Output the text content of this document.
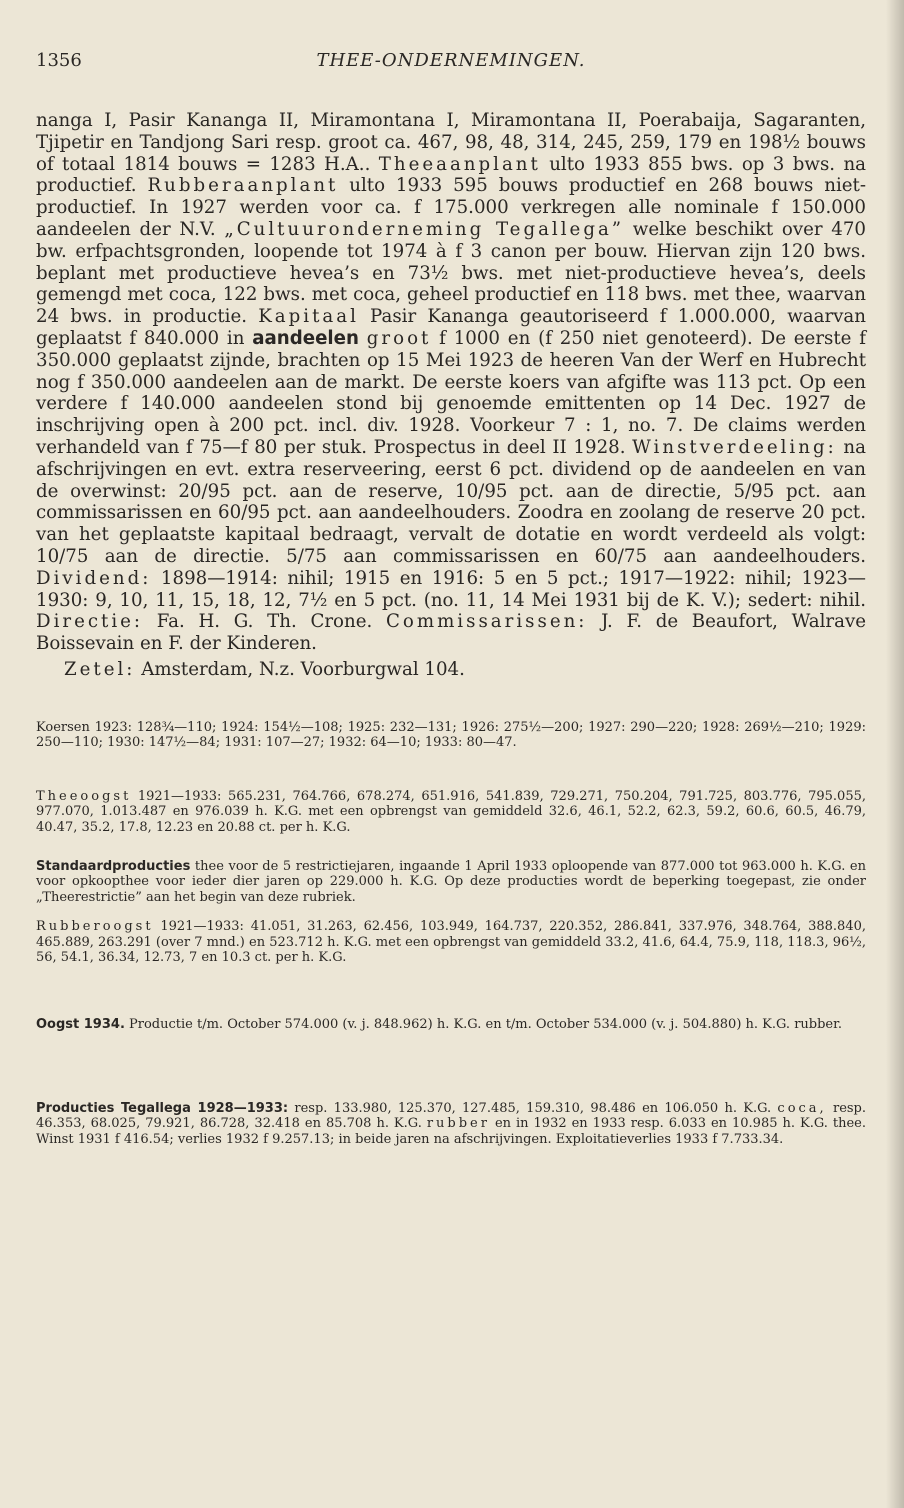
1356	THEE-ONDERNEMINGEN.

nanga I, Pasir Kananga II, Miramontana I, Miramontana II, Poerabaija, Sagaranten, Tjipetir en Tandjong Sari resp. groot ca. 467, 98, 48, 314, 245, 259, 179 en 198½ bouws of totaal 1814 bouws = 1283 H.A.. Theeaanplant ulto 1933 855 bws. op 3 bws. na productief. Rubberaanplant ulto 1933 595 bouws productief en 268 bouws niet-productief. In 1927 werden voor ca. f 175.000 verkregen alle nominale f 150.000 aandeelen der N.V. „Cultuuronderneming Tegallega” welke beschikt over 470 bw. erfpachtsgronden, loopende tot 1974 à f 3 canon per bouw. Hiervan zijn 120 bws. beplant met productieve hevea’s en 73½ bws. met niet-productieve hevea’s, deels gemengd met coca, 122 bws. met coca, geheel productief en 118 bws. met thee, waarvan 24 bws. in productie. Kapitaal Pasir Kananga geautoriseerd f 1.000.000, waarvan geplaatst f 840.000 in aandeelen groot f 1000 en (f 250 niet genoteerd). De eerste f 350.000 geplaatst zijnde, brachten op 15 Mei 1923 de heeren Van der Werf en Hubrecht nog f 350.000 aandeelen aan de markt. De eerste koers van afgifte was 113 pct. Op een verdere f 140.000 aandeelen stond bij genoemde emittenten op 14 Dec. 1927 de inschrijving open à 200 pct. incl. div. 1928. Voorkeur 7 : 1, no. 7. De claims werden verhandeld van f 75—f 80 per stuk. Prospectus in deel II 1928. Winstverdeeling: na afschrijvingen en evt. extra reserveering, eerst 6 pct. dividend op de aandeelen en van de overwinst: 20/95 pct. aan de reserve, 10/95 pct. aan de directie, 5/95 pct. aan commissarissen en 60/95 pct. aan aandeelhouders. Zoodra en zoolang de reserve 20 pct. van het geplaatste kapitaal bedraagt, vervalt de dotatie en wordt verdeeld als volgt: 10/75 aan de directie. 5/75 aan commissarissen en 60/75 aan aandeelhouders. Dividend: 1898—1914: nihil; 1915 en 1916: 5 en 5 pct.; 1917—1922: nihil; 1923—1930: 9, 10, 11, 15, 18, 12, 7½ en 5 pct. (no. 11, 14 Mei 1931 bij de K. V.); sedert: nihil. Directie: Fa. H. G. Th. Crone. Commissarissen: J. F. de Beaufort, Walrave Boissevain en F. der Kinderen.

Zetel: Amsterdam, N.z. Voorburgwal 104.

Koersen 1923: 128¾—110; 1924: 154½—108; 1925: 232—131; 1926: 275½—200; 1927: 290—220; 1928: 269½—210; 1929: 250—110; 1930: 147½—84; 1931: 107—27; 1932: 64—10; 1933: 80—47.

Theeoogst 1921—1933: 565.231, 764.766, 678.274, 651.916, 541.839, 729.271, 750.204, 791.725, 803.776, 795.055, 977.070, 1.013.487 en 976.039 h. K.G. met een opbrengst van gemiddeld 32.6, 46.1, 52.2, 62.3, 59.2, 60.6, 60.5, 46.79, 40.47, 35.2, 17.8, 12.23 en 20.88 ct. per h. K.G.

Standaardproducties thee voor de 5 restrictiejaren, ingaande 1 April 1933 oploopende van 877.000 tot 963.000 h. K.G. en voor opkoopthee voor ieder dier jaren op 229.000 h. K.G. Op deze producties wordt de beperking toegepast, zie onder „Theerestrictie” aan het begin van deze rubriek.

Rubberoogst 1921—1933: 41.051, 31.263, 62.456, 103.949, 164.737, 220.352, 286.841, 337.976, 348.764, 388.840, 465.889, 263.291 (over 7 mnd.) en 523.712 h. K.G. met een opbrengst van gemiddeld 33.2, 41.6, 64.4, 75.9, 118, 118.3, 96½, 56, 54.1, 36.34, 12.73, 7 en 10.3 ct. per h. K.G.

Oogst 1934. Productie t/m. October 574.000 (v. j. 848.962) h. K.G. en t/m. October 534.000 (v. j. 504.880) h. K.G. rubber.

Producties Tegallega 1928—1933: resp. 133.980, 125.370, 127.485, 159.310, 98.486 en 106.050 h. K.G. coca, resp. 46.353, 68.025, 79.921, 86.728, 32.418 en 85.708 h. K.G. rubber en in 1932 en 1933 resp. 6.033 en 10.985 h. K.G. thee. Winst 1931 f 416.54; verlies 1932 f 9.257.13; in beide jaren na afschrijvingen. Exploitatieverlies 1933 f 7.733.34.
